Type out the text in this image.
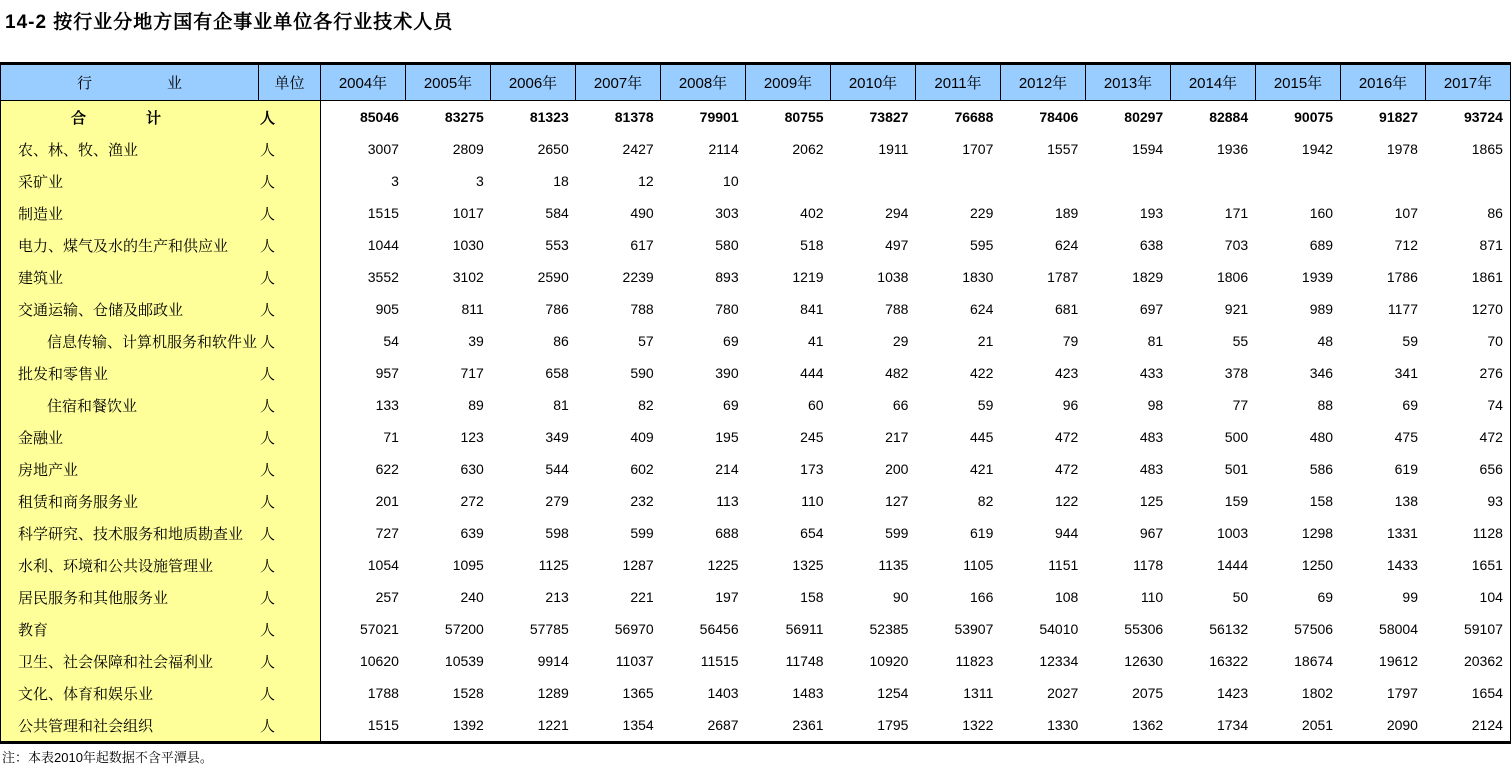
14-2 按行业分地方国有企事业单位各行业技术人员
行　　　　　业	单位	2004年	2005年	2006年	2007年	2008年	2009年	2010年	2011年	2012年	2013年	2014年	2015年	2016年	2017年
合　　　　计	人	85046	83275	81323	81378	79901	80755	73827	76688	78406	80297	82884	90075	91827	93724
农、林、牧、渔业	人	3007	2809	2650	2427	2114	2062	1911	1707	1557	1594	1936	1942	1978	1865
采矿业	人	3	3	18	12	10
制造业	人	1515	1017	584	490	303	402	294	229	189	193	171	160	107	86
电力、煤气及水的生产和供应业	人	1044	1030	553	617	580	518	497	595	624	638	703	689	712	871
建筑业	人	3552	3102	2590	2239	893	1219	1038	1830	1787	1829	1806	1939	1786	1861
交通运输、仓储及邮政业	人	905	811	786	788	780	841	788	624	681	697	921	989	1177	1270
信息传输、计算机服务和软件业 人	54	39	86	57	69	41	29	21	79	81	55	48	59	70
批发和零售业	人	957	717	658	590	390	444	482	422	423	433	378	346	341	276
住宿和餐饮业	人	133	89	81	82	69	60	66	59	96	98	77	88	69	74
金融业	人	71	123	349	409	195	245	217	445	472	483	500	480	475	472
房地产业	人	622	630	544	602	214	173	200	421	472	483	501	586	619	656
租赁和商务服务业	人	201	272	279	232	113	110	127	82	122	125	159	158	138	93
科学研究、技术服务和地质勘查业	人	727	639	598	599	688	654	599	619	944	967	1003	1298	1331	1128
水利、环境和公共设施管理业	人	1054	1095	1125	1287	1225	1325	1135	1105	1151	1178	1444	1250	1433	1651
居民服务和其他服务业	人	257	240	213	221	197	158	90	166	108	110	50	69	99	104
教育	人	57021	57200	57785	56970	56456	56911	52385	53907	54010	55306	56132	57506	58004	59107
卫生、社会保障和社会福利业	人	10620	10539	9914	11037	11515	11748	10920	11823	12334	12630	16322	18674	19612	20362
文化、体育和娱乐业	人	1788	1528	1289	1365	1403	1483	1254	1311	2027	2075	1423	1802	1797	1654
公共管理和社会组织	人	1515	1392	1221	1354	2687	2361	1795	1322	1330	1362	1734	2051	2090	2124
注：本表2010年起数据不含平潭县。
